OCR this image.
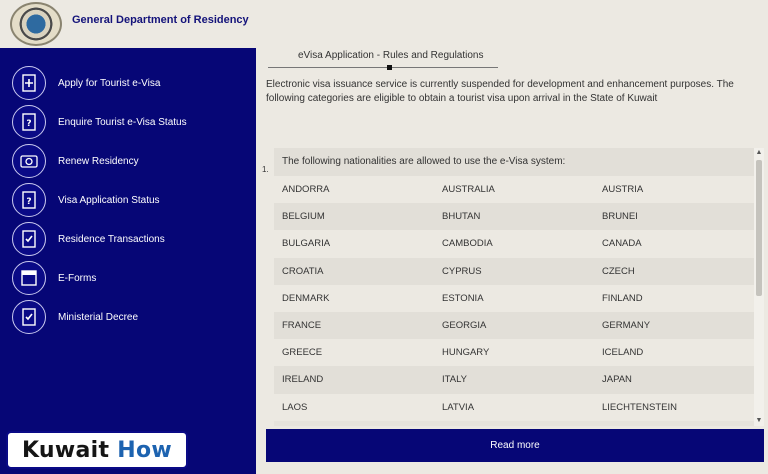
General Department of Residency
Apply for Tourist e-Visa
?	Enquire Tourist e-Visa Status
Renew Residency
?	Visa Application Status
Residence Transactions
E-Forms
Ministerial Decree
Kuwait How
eVisa Application - Rules and Regulations
Electronic visa issuance service is currently suspended for development and enhancement purposes. The following categories are eligible to obtain a tourist visa upon arrival in the State of Kuwait
1.
The following nationalities are allowed to use the e-Visa system:
ANDORRA	AUSTRALIA	AUSTRIA
BELGIUM	BHUTAN	BRUNEI
BULGARIA	CAMBODIA	CANADA
CROATIA	CYPRUS	CZECH
DENMARK	ESTONIA	FINLAND
FRANCE	GEORGIA	GERMANY
GREECE	HUNGARY	ICELAND
IRELAND	ITALY	JAPAN
LAOS	LATVIA	LIECHTENSTEIN
▲
▼
Read more
